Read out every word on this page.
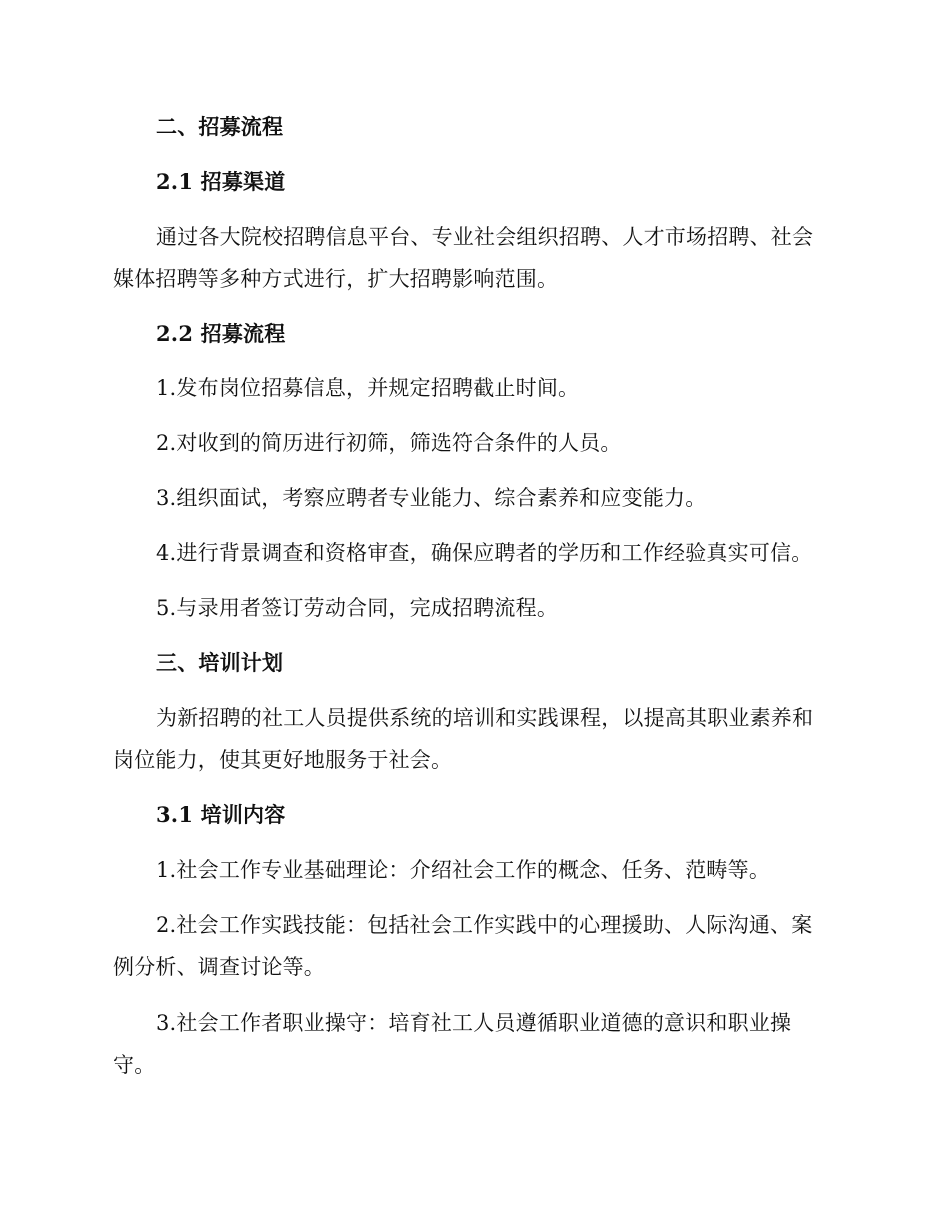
二、招募流程
2.1 招募渠道
通过各大院校招聘信息平台、专业社会组织招聘、人才市场招聘、社会
媒体招聘等多种方式进行，扩大招聘影响范围。
2.2 招募流程
1.发布岗位招募信息，并规定招聘截止时间。
2.对收到的简历进行初筛，筛选符合条件的人员。
3.组织面试，考察应聘者专业能力、综合素养和应变能力。
4.进行背景调查和资格审查，确保应聘者的学历和工作经验真实可信。
5.与录用者签订劳动合同，完成招聘流程。
三、培训计划
为新招聘的社工人员提供系统的培训和实践课程，以提高其职业素养和
岗位能力，使其更好地服务于社会。
3.1 培训内容
1.社会工作专业基础理论：介绍社会工作的概念、任务、范畴等。
2.社会工作实践技能：包括社会工作实践中的心理援助、人际沟通、案
例分析、调查讨论等。
3.社会工作者职业操守：培育社工人员遵循职业道德的意识和职业操
守。
